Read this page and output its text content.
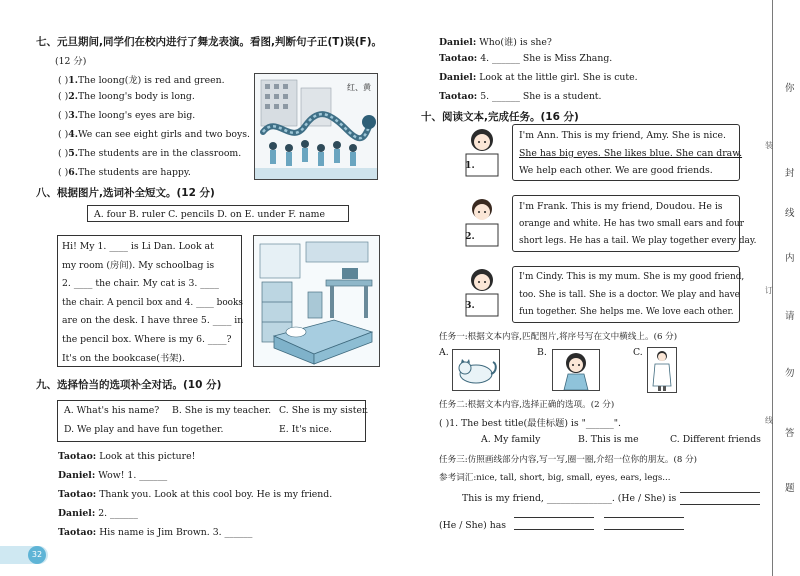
七、元旦期间,同学们在校内进行了舞龙表演。看图,判断句子正(T)误(F)。
(12 分)
( )1.The loong(龙) is red and green.
( )2.The loong's body is long.
( )3.The loong's eyes are big.
( )4.We can see eight girls and two boys.
( )5.The students are in the classroom.
( )6.The students are happy.
红、黄
八、根据图片,选词补全短文。(12 分)
A. four B. ruler C. pencils D. on E. under F. name
Hi! My 1. ____ is Li Dan. Look at
my room (房间). My schoolbag is
2. ____ the chair. My cat is 3. ____
the chair. A pencil box and 4. ____ books
are on the desk. I have three 5. ____ in
the pencil box. Where is my 6. ____?
It's on the bookcase(书架).
九、选择恰当的选项补全对话。(10 分)
A. What's his name? B. She is my teacher. C. She is my sister.
D. We play and have fun together.	E. It's nice.
Taotao: Look at this picture!
Daniel: Wow! 1. ______
Taotao: Thank you. Look at this cool boy. He is my friend.
Daniel: 2. ______
Taotao: His name is Jim Brown. 3. ______
32
Daniel: Who(谁) is she?
Taotao: 4. ______ She is Miss Zhang.
Daniel: Look at the little girl. She is cute.
Taotao: 5. ______ She is a student.
十、阅读文本,完成任务。(16 分)
1.
I'm Ann. This is my friend, Amy. She is nice.
She has big eyes. She likes blue. She can draw.
We help each other. We are good friends.
2.
I'm Frank. This is my friend, Doudou. He is
orange and white. He has two small ears and four
short legs. He has a tail. We play together every day.
3.
I'm Cindy. This is my mum. She is my good friend,
too. She is tall. She is a doctor. We play and have
fun together. She helps me. We love each other.
任务一:根据文本内容,匹配图片,将序号写在文中横线上。(6 分)
A.	B.	C.
任务二:根据文本内容,选择正确的选项。(2 分)
( )1. The best title(最佳标题) is "______".
A. My family	B. This is me	C. Different friends
任务三:仿照画线部分内容,写一写,圈一圈,介绍一位你的朋友。(8 分)
参考词汇:nice, tall, short, big, small, eyes, ears, legs...
This is my friend, ______________. (He / She) is
(He / She) has
你
封
线
内
请
勿
答
题
装
订
线
